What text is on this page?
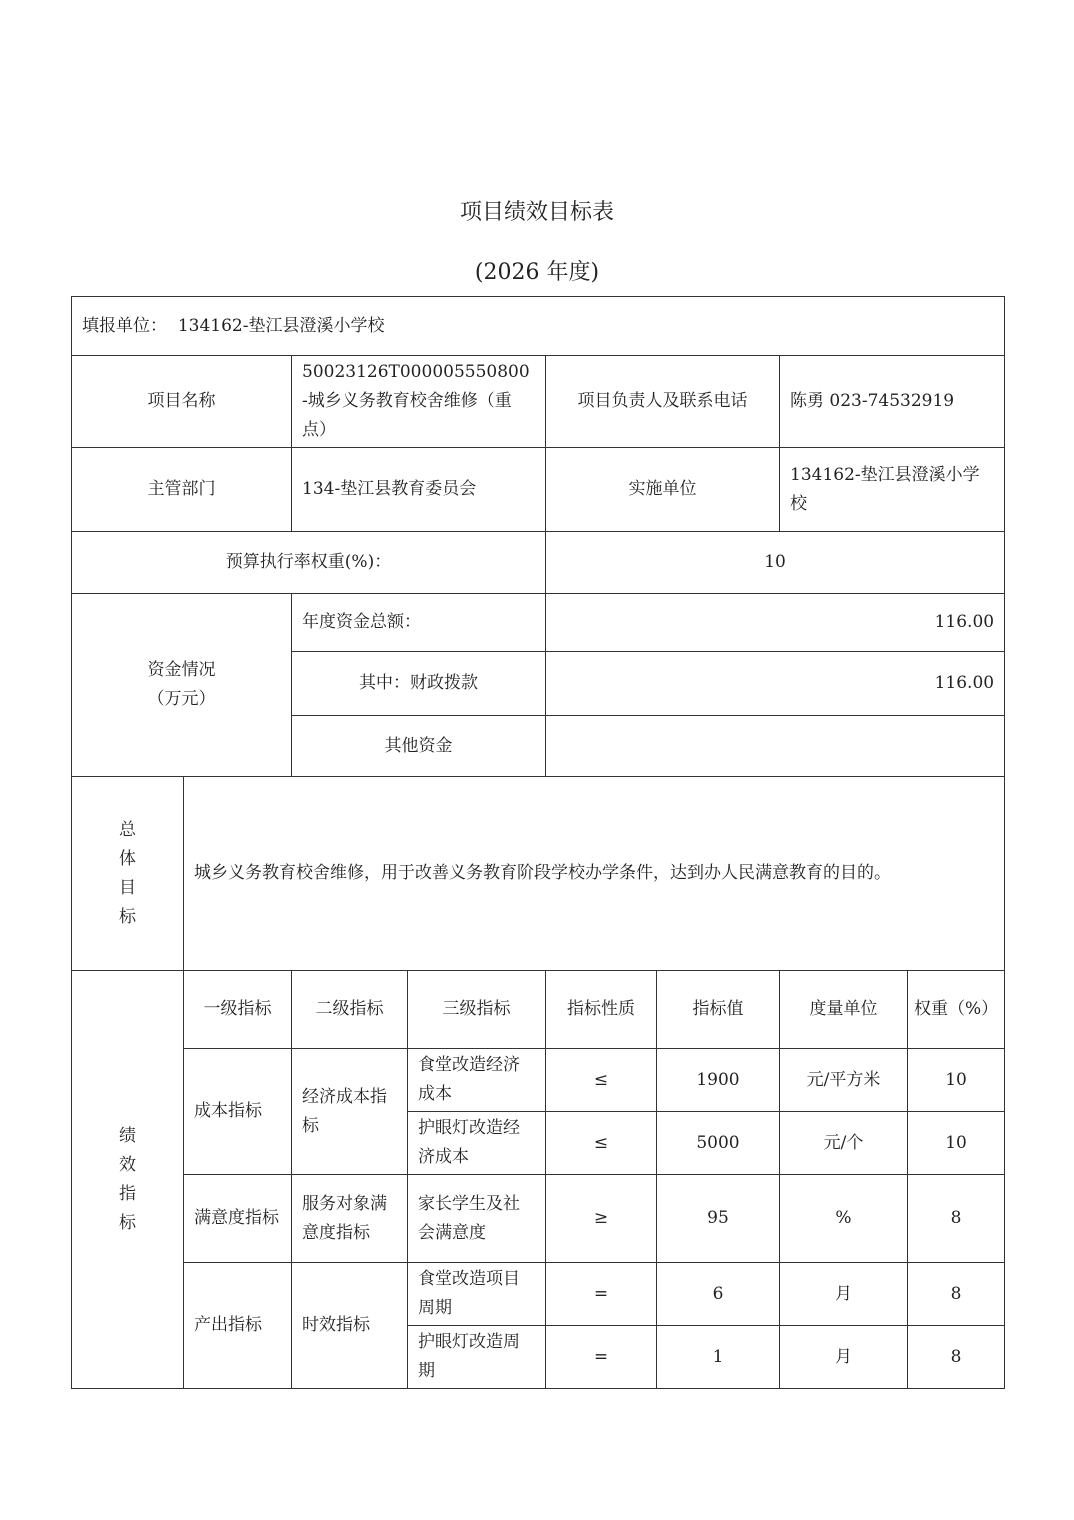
项目绩效目标表
(2026 年度)
填报单位： 134162-垫江县澄溪小学校							
项目名称		50023126T000005550800-城乡义务教育校舍维修（重点）		项目负责人及联系电话		陈勇 023-74532919	
主管部门		134-垫江县教育委员会		实施单位		134162-垫江县澄溪小学校	
预算执行率权重(%)：				10			

资金情况（万元）		年度资金总额：		116.00			
		其中：财政拨款		116.00			
		其他资金					

总体目标	城乡义务教育校舍维修，用于改善义务教育阶段学校办学条件，达到办人民满意教育的目的。						

绩效指标	一级指标	二级指标	三级指标	指标性质	指标值	度量单位	权重（%）
	成本指标	经济成本指标	食堂改造经济成本	≤	1900	元/平方米	10
			护眼灯改造经济成本	≤	5000	元/个	10
	满意度指标	服务对象满意度指标	家长学生及社会满意度	≥	95	%	8
	产出指标	时效指标	食堂改造项目周期	=	6	月	8
			护眼灯改造周期	=	1	月	8
